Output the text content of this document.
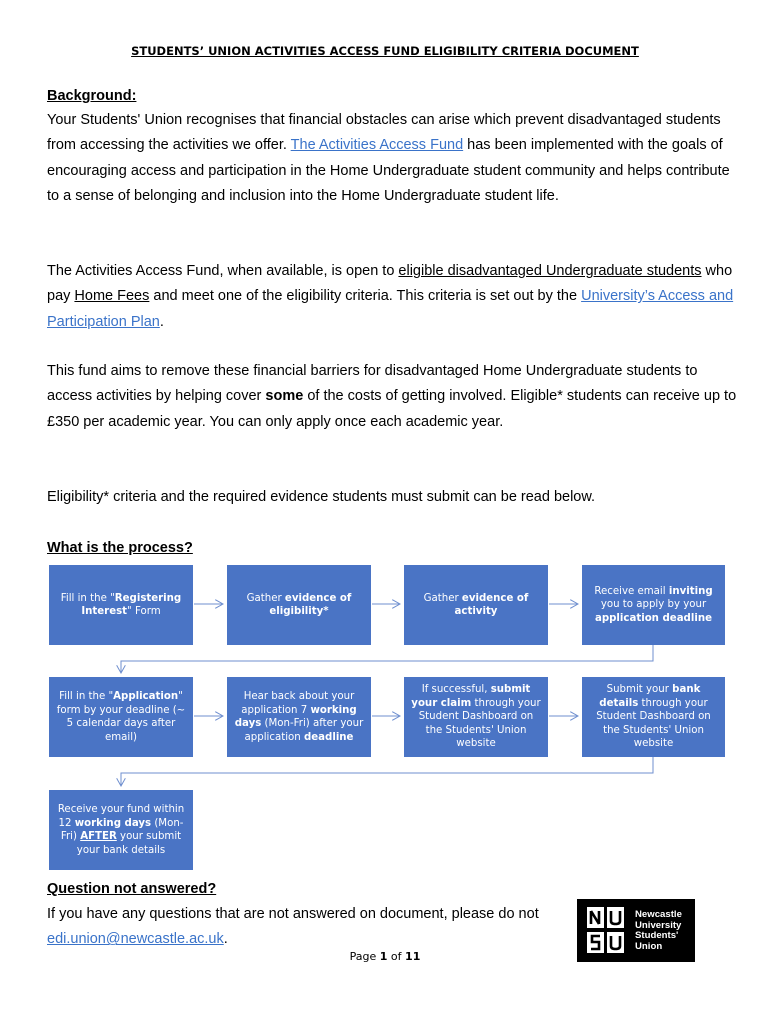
STUDENTS’ UNION ACTIVITIES ACCESS FUND ELIGIBILITY CRITERIA DOCUMENT
Background:
Your Students' Union recognises that financial obstacles can arise which prevent disadvantaged students from accessing the activities we offer. The Activities Access Fund has been implemented with the goals of encouraging access and participation in the Home Undergraduate student community and helps contribute to a sense of belonging and inclusion into the Home Undergraduate student life.
The Activities Access Fund, when available, is open to eligible disadvantaged Undergraduate students who pay Home Fees and meet one of the eligibility criteria. This criteria is set out by the University’s Access and Participation Plan.
This fund aims to remove these financial barriers for disadvantaged Home Undergraduate students to access activities by helping cover some of the costs of getting involved. Eligible* students can receive up to £350 per academic year. You can only apply once each academic year.
Eligibility* criteria and the required evidence students must submit can be read below.
What is the process?
Fill in the "Registering Interest" Form
Gather evidence of eligibility*
Gather evidence of activity
Receive email inviting you to apply by your application deadline
Fill in the "Application" form by your deadline (~ 5 calendar days after email)
Hear back about your application 7 working days (Mon-Fri) after your application deadline
If successful, submit your claim through your Student Dashboard on the Students' Union website
Submit your bank details through your Student Dashboard on the Students' Union website
Receive your fund within 12 working days (Mon-Fri) AFTER your submit your bank details
Question not answered?
If you have any questions that are not answered on document, please do not
edi.union@newcastle.ac.uk.
Page 1 of 11
Newcastle
University
Students'
Union
